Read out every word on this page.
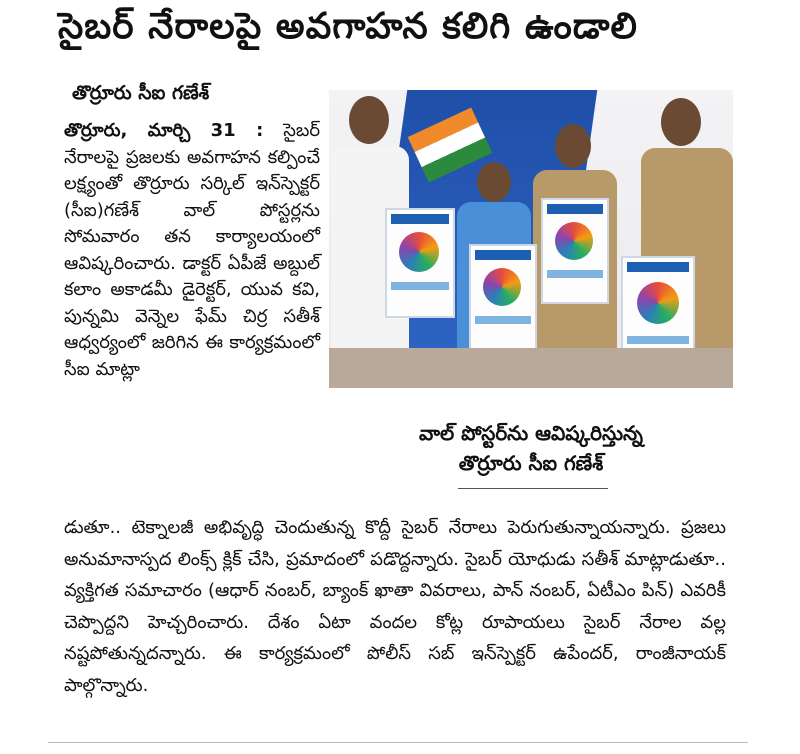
సైబర్ నేరాలపై అవగాహన కలిగి ఉండాలి
తొర్రూరు సీఐ గణేశ్

తొర్రూరు, మార్చి 31 : సైబర్ నేరాలపై ప్రజలకు అవగాహన కల్పించే లక్ష్యంతో తొర్రూరు సర్కిల్ ఇన్‌స్పెక్టర్ (సీఐ)గణేశ్ వాల్ పోస్టర్లను సోమవారం తన కార్యాలయంలో ఆవిష్కరించారు. డాక్టర్ ఏపీజే అబ్దుల్ కలాం అకాడమీ డైరెక్టర్, యువ కవి, పున్నమి వెన్నెల ఫేమ్ చిర్ర సతీశ్ ఆధ్వర్యంలో జరిగిన ఈ కార్యక్రమంలో సీఐ మాట్లా

వాల్ పోస్టర్‌ను ఆవిష్కరిస్తున్న
తొర్రూరు సీఐ గణేశ్
డుతూ.. టెక్నాలజీ అభివృద్ధి చెందుతున్న కొద్దీ సైబర్ నేరాలు పెరుగుతున్నాయన్నారు. ప్రజలు అనుమానాస్పద లింక్స్ క్లిక్ చేసి, ప్రమాదంలో పడొద్దన్నారు. సైబర్ యోధుడు సతీశ్ మాట్లాడుతూ.. వ్యక్తిగత సమాచారం (ఆధార్ నంబర్, బ్యాంక్ ఖాతా వివరాలు, పాన్ నంబర్, ఏటీఎం పిన్) ఎవరికీ చెప్పొద్దని హెచ్చరించారు. దేశం ఏటా వందల కోట్ల రూపాయలు సైబర్ నేరాల వల్ల నష్టపోతున్నదన్నారు. ఈ కార్యక్రమంలో పోలీస్ సబ్ ఇన్‌స్పెక్టర్ ఉపేందర్, రాంజీనాయక్ పాల్గొన్నారు.
